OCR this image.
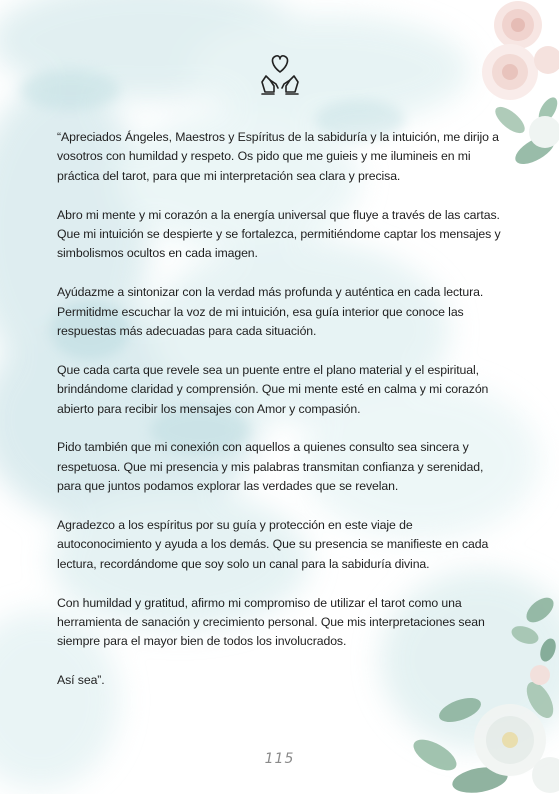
“Apreciados Ángeles, Maestros y Espíritus de la sabiduría y la intuición, me dirijo a vosotros con humildad y respeto. Os pido que me guieis y me ilumineis en mi práctica del tarot, para que mi interpretación sea clara y precisa.

Abro mi mente y mi corazón a la energía universal que fluye a través de las cartas. Que mi intuición se despierte y se fortalezca, permitiéndome captar los mensajes y simbolismos ocultos en cada imagen.

Ayúdazme a sintonizar con la verdad más profunda y auténtica en cada lectura. Permitidme escuchar la voz de mi intuición, esa guía interior que conoce las respuestas más adecuadas para cada situación.

Que cada carta que revele sea un puente entre el plano material y el espiritual, brindándome claridad y comprensión. Que mi mente esté en calma y mi corazón abierto para recibir los mensajes con Amor y compasión.

Pido también que mi conexión con aquellos a quienes consulto sea sincera y respetuosa. Que mi presencia y mis palabras transmitan confianza y serenidad, para que juntos podamos explorar las verdades que se revelan.

Agradezco a los espíritus por su guía y protección en este viaje de autoconocimiento y ayuda a los demás. Que su presencia se manifieste en cada lectura, recordándome que soy solo un canal para la sabiduría divina.

Con humildad y gratitud, afirmo mi compromiso de utilizar el tarot como una herramienta de sanación y crecimiento personal. Que mis interpretaciones sean siempre para el mayor bien de todos los involucrados.

Así sea”.

115
